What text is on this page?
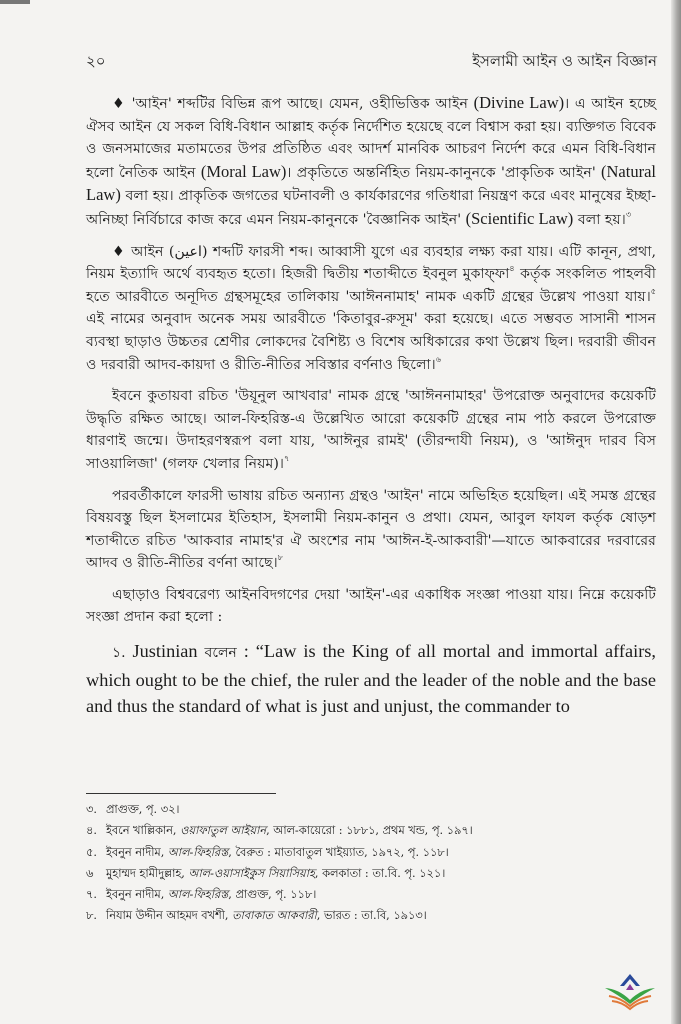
২০	ইসলামী আইন ও আইন বিজ্ঞান

♦ 'আইন' শব্দটির বিভিন্ন রূপ আছে। যেমন, ওহীভিত্তিক আইন (Divine Law)। এ আইন হচ্ছে ঐসব আইন যে সকল বিধি-বিধান আল্লাহ কর্তৃক নির্দেশিত হয়েছে বলে বিশ্বাস করা হয়। ব্যক্তিগত বিবেক ও জনসমাজের মতামতের উপর প্রতিষ্ঠিত এবং আদর্শ মানবিক আচরণ নির্দেশ করে এমন বিধি-বিধান হলো নৈতিক আইন (Moral Law)। প্রকৃতিতে অন্তর্নিহিত নিয়ম-কানুনকে 'প্রাকৃতিক আইন' (Natural Law) বলা হয়। প্রাকৃতিক জগতের ঘটনাবলী ও কার্যকারণের গতিধারা নিয়ন্ত্রণ করে এবং মানুষের ইচ্ছা-অনিচ্ছা নির্বিচারে কাজ করে এমন নিয়ম-কানুনকে 'বৈজ্ঞানিক আইন' (Scientific Law) বলা হয়।$^৩$

♦ আইন (اعين) শব্দটি ফারসী শব্দ। আব্বাসী যুগে এর ব্যবহার লক্ষ্য করা যায়। এটি কানূন, প্রথা, নিয়ম ইত্যাদি অর্থে ব্যবহৃত হতো। হিজরী দ্বিতীয় শতাব্দীতে ইবনুল মুকাফ্ফা$^৪$ কর্তৃক সংকলিত পাহলবী হতে আরবীতে অনূদিত গ্রন্থসমূহের তালিকায় 'আঈননামাহ' নামক একটি গ্রন্থের উল্লেখ পাওয়া যায়।$^৫$ এই নামের অনুবাদ অনেক সময় আরবীতে 'কিতাবুর-রুসূম' করা হয়েছে। এতে সম্ভবত সাসানী শাসন ব্যবস্থা ছাড়াও উচ্চতর শ্রেণীর লোকদের বৈশিষ্ট্য ও বিশেষ অধিকারের কথা উল্লেখ ছিল। দরবারী জীবন ও দরবারী আদব-কায়দা ও রীতি-নীতির সবিস্তার বর্ণনাও ছিলো।$^৬$

ইবনে কুতায়বা রচিত 'উয়ূনুল আখবার' নামক গ্রন্থে 'আঈননামাহর' উপরোক্ত অনুবাদের কয়েকটি উদ্ধৃতি রক্ষিত আছে। আল-ফিহরিস্ত-এ উল্লেখিত আরো কয়েকটি গ্রন্থের নাম পাঠ করলে উপরোক্ত ধারণাই জন্মে। উদাহরণস্বরূপ বলা যায়, 'আঈনুর রামই' (তীরন্দাযী নিয়ম), ও 'আঈনুদ দারব বিস সাওয়ালিজা' (গলফ খেলার নিয়ম)।$^৭$

পরবর্তীকালে ফারসী ভাষায় রচিত অন্যান্য গ্রন্থও 'আইন' নামে অভিহিত হয়েছিল। এই সমস্ত গ্রন্থের বিষয়বস্তু ছিল ইসলামের ইতিহাস, ইসলামী নিয়ম-কানুন ও প্রথা। যেমন, আবুল ফাযল কর্তৃক ষোড়শ শতাব্দীতে রচিত 'আকবার নামাহ'র ঐ অংশের নাম 'আঈন-ই-আকবারী'—যাতে আকবারের দরবারের আদব ও রীতি-নীতির বর্ণনা আছে।$^৮$

এছাড়াও বিশ্ববরেণ্য আইনবিদগণের দেয়া 'আইন'-এর একাধিক সংজ্ঞা পাওয়া যায়। নিম্নে কয়েকটি সংজ্ঞা প্রদান করা হলো :

১. Justinian বলেন : “Law is the King of all mortal and immortal affairs, which ought to be the chief, the ruler and the leader of the noble and the base and thus the standard of what is just and unjust, the commander to

৩. প্রাগুক্ত, পৃ. ৩২।
৪. ইবনে খাল্লিকান, ওয়াফাতুল আইয়ান, আল-কায়েরো : ১৮৮১, প্রথম খন্ড, পৃ. ১৯৭।
৫. ইবনুন নাদীম, আল-ফিহরিস্ত, বৈরুত : মাতাবাতুল খাইয়্যাত, ১৯৭২, পৃ. ১১৮।
৬	মুহাম্মদ হামীদুল্লাহ, আল-ওয়াসাইকুস সিয়াসিয়াহ, কলকাতা : তা.বি. পৃ. ১২১।
৭. ইবনুন নাদীম, আল-ফিহরিস্ত, প্রাগুক্ত, পৃ. ১১৮।
৮. নিযাম উদ্দীন আহমদ বখশী, তাবাকাত আকবারী, ভারত : তা.বি, ১৯১৩।
